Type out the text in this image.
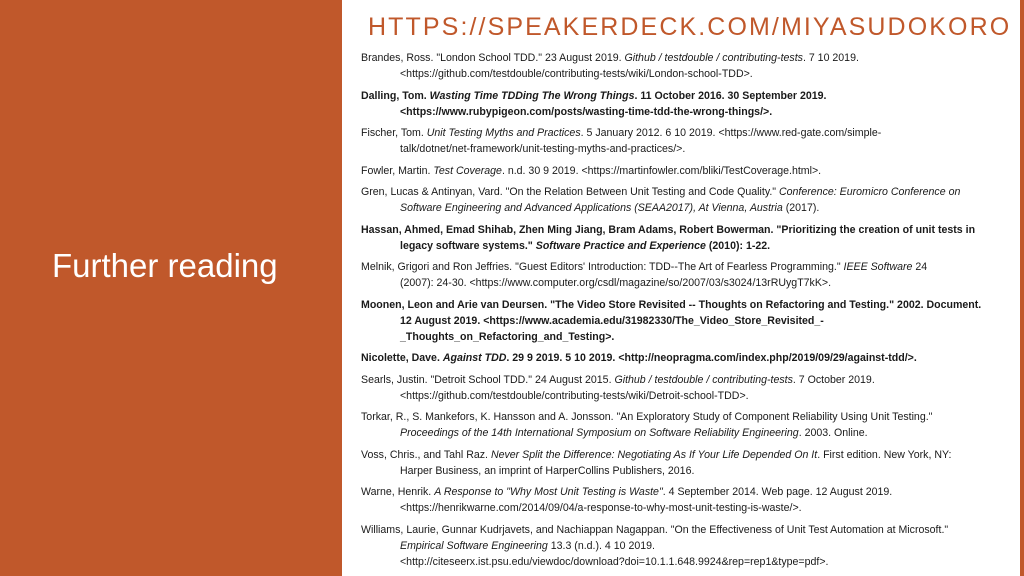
Further reading
HTTPS://SPEAKERDECK.COM/MIYASUDOKORO
Brandes, Ross. "London School TDD." 23 August 2019. Github / testdouble / contributing-tests. 7 10 2019.
<https://github.com/testdouble/contributing-tests/wiki/London-school-TDD>.
Dalling, Tom. Wasting Time TDDing The Wrong Things. 11 October 2016. 30 September 2019.
<https://www.rubypigeon.com/posts/wasting-time-tdd-the-wrong-things/>.
Fischer, Tom. Unit Testing Myths and Practices. 5 January 2012. 6 10 2019. <https://www.red-gate.com/simple-
talk/dotnet/net-framework/unit-testing-myths-and-practices/>.
Fowler, Martin. Test Coverage. n.d. 30 9 2019. <https://martinfowler.com/bliki/TestCoverage.html>.
Gren, Lucas & Antinyan, Vard. "On the Relation Between Unit Testing and Code Quality." Conference: Euromicro Conference on
Software Engineering and Advanced Applications (SEAA2017), At Vienna, Austria (2017).
Hassan, Ahmed, Emad Shihab, Zhen Ming Jiang, Bram Adams, Robert Bowerman. "Prioritizing the creation of unit tests in
legacy software systems." Software Practice and Experience (2010): 1-22.
Melnik, Grigori and Ron Jeffries. "Guest Editors' Introduction: TDD--The Art of Fearless Programming." IEEE Software 24
(2007): 24-30. <https://www.computer.org/csdl/magazine/so/2007/03/s3024/13rRUygT7kK>.
Moonen, Leon and Arie van Deursen. "The Video Store Revisited -- Thoughts on Refactoring and Testing." 2002. Document.
12 August 2019. <https://www.academia.edu/31982330/The_Video_Store_Revisited_-
_Thoughts_on_Refactoring_and_Testing>.
Nicolette, Dave. Against TDD. 29 9 2019. 5 10 2019. <http://neopragma.com/index.php/2019/09/29/against-tdd/>.
Searls, Justin. "Detroit School TDD." 24 August 2015. Github / testdouble / contributing-tests. 7 October 2019.
<https://github.com/testdouble/contributing-tests/wiki/Detroit-school-TDD>.
Torkar, R., S. Mankefors, K. Hansson and A. Jonsson. "An Exploratory Study of Component Reliability Using Unit Testing."
Proceedings of the 14th International Symposium on Software Reliability Engineering. 2003. Online.
Voss, Chris., and Tahl Raz. Never Split the Difference: Negotiating As If Your Life Depended On It. First edition. New York, NY:
Harper Business, an imprint of HarperCollins Publishers, 2016.
Warne, Henrik. A Response to "Why Most Unit Testing is Waste". 4 September 2014. Web page. 12 August 2019.
<https://henrikwarne.com/2014/09/04/a-response-to-why-most-unit-testing-is-waste/>.
Williams, Laurie, Gunnar Kudrjavets, and Nachiappan Nagappan. "On the Effectiveness of Unit Test Automation at Microsoft."
Empirical Software Engineering 13.3 (n.d.). 4 10 2019.
<http://citeseerx.ist.psu.edu/viewdoc/download?doi=10.1.1.648.9924&rep=rep1&type=pdf>.
